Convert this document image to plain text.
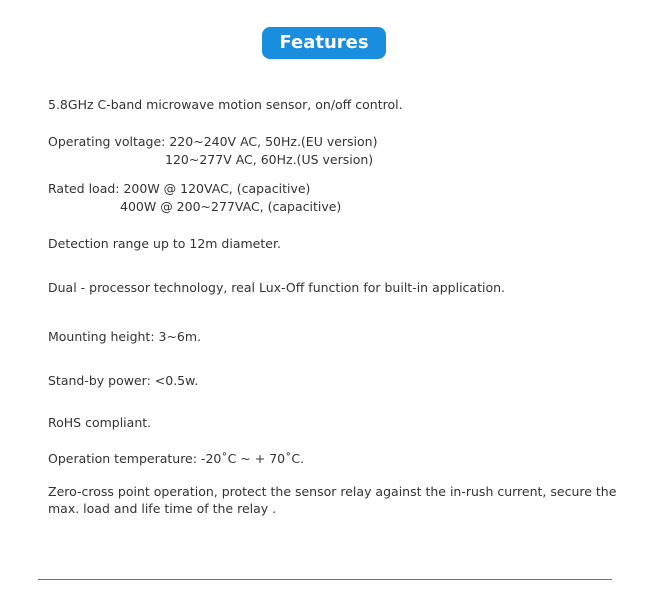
Features
5.8GHz C-band microwave motion sensor, on/off control.
Operating voltage: 220~240V AC, 50Hz.(EU version)
120~277V AC, 60Hz.(US version)
Rated load: 200W @ 120VAC, (capacitive)
400W @ 200~277VAC, (capacitive)
Detection range up to 12m diameter.
Dual - processor technology, real Lux-Off function for built-in application.
Mounting height: 3~6m.
Stand-by power: <0.5w.
RoHS compliant.
Operation temperature: -20˚C ~ + 70˚C.
Zero-cross point operation, protect the sensor relay against the in-rush current, secure the
max. load and life time of the relay .
